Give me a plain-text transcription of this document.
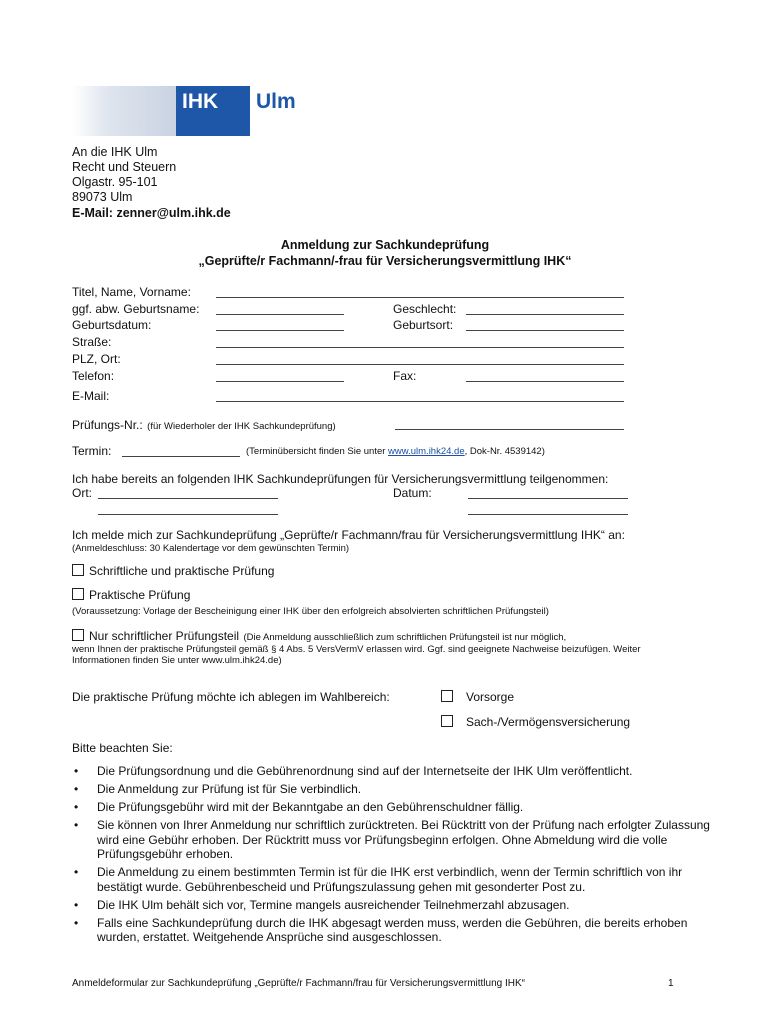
IHK Ulm
An die IHK Ulm
Recht und Steuern
Olgastr. 95-101
89073 Ulm
E-Mail: zenner@ulm.ihk.de
Anmeldung zur Sachkundeprüfung
„Geprüfte/r Fachmann/-frau für Versicherungsvermittlung IHK“
Titel, Name, Vorname:
ggf. abw. Geburtsname:	Geschlecht:
Geburtsdatum:	Geburtsort:
Straße:
PLZ, Ort:
Telefon:	Fax:
E-Mail:
Prüfungs-Nr.: (für Wiederholer der IHK Sachkundeprüfung)
Termin:	(Terminübersicht finden Sie unter www.ulm.ihk24.de, Dok-Nr. 4539142)
Ich habe bereits an folgenden IHK Sachkundeprüfungen für Versicherungsvermittlung teilgenommen:
Ort:	Datum:
Ich melde mich zur Sachkundeprüfung „Geprüfte/r Fachmann/frau für Versicherungsvermittlung IHK“ an:
(Anmeldeschluss: 30 Kalendertage vor dem gewünschten Termin)
Schriftliche und praktische Prüfung
Praktische Prüfung
(Voraussetzung: Vorlage der Bescheinigung einer IHK über den erfolgreich absolvierten schriftlichen Prüfungsteil)
Nur schriftlicher Prüfungsteil (Die Anmeldung ausschließlich zum schriftlichen Prüfungsteil ist nur möglich,
wenn Ihnen der praktische Prüfungsteil gemäß § 4 Abs. 5 VersVermV erlassen wird. Ggf. sind geeignete Nachweise beizufügen. Weiter
Informationen finden Sie unter www.ulm.ihk24.de)
Die praktische Prüfung möchte ich ablegen im Wahlbereich:	Vorsorge
Sach-/Vermögensversicherung
Bitte beachten Sie:
• Die Prüfungsordnung und die Gebührenordnung sind auf der Internetseite der IHK Ulm veröffentlicht.
• Die Anmeldung zur Prüfung ist für Sie verbindlich.
• Die Prüfungsgebühr wird mit der Bekanntgabe an den Gebührenschuldner fällig.
• Sie können von Ihrer Anmeldung nur schriftlich zurücktreten. Bei Rücktritt von der Prüfung nach erfolgter Zulassung wird eine Gebühr erhoben. Der Rücktritt muss vor Prüfungsbeginn erfolgen. Ohne Abmeldung wird die volle Prüfungsgebühr erhoben.
• Die Anmeldung zu einem bestimmten Termin ist für die IHK erst verbindlich, wenn der Termin schriftlich von ihr bestätigt wurde. Gebührenbescheid und Prüfungszulassung gehen mit gesonderter Post zu.
• Die IHK Ulm behält sich vor, Termine mangels ausreichender Teilnehmerzahl abzusagen.
• Falls eine Sachkundeprüfung durch die IHK abgesagt werden muss, werden die Gebühren, die bereits erhoben wurden, erstattet. Weitgehende Ansprüche sind ausgeschlossen.
Anmeldeformular zur Sachkundeprüfung „Geprüfte/r Fachmann/frau für Versicherungsvermittlung IHK“	1
